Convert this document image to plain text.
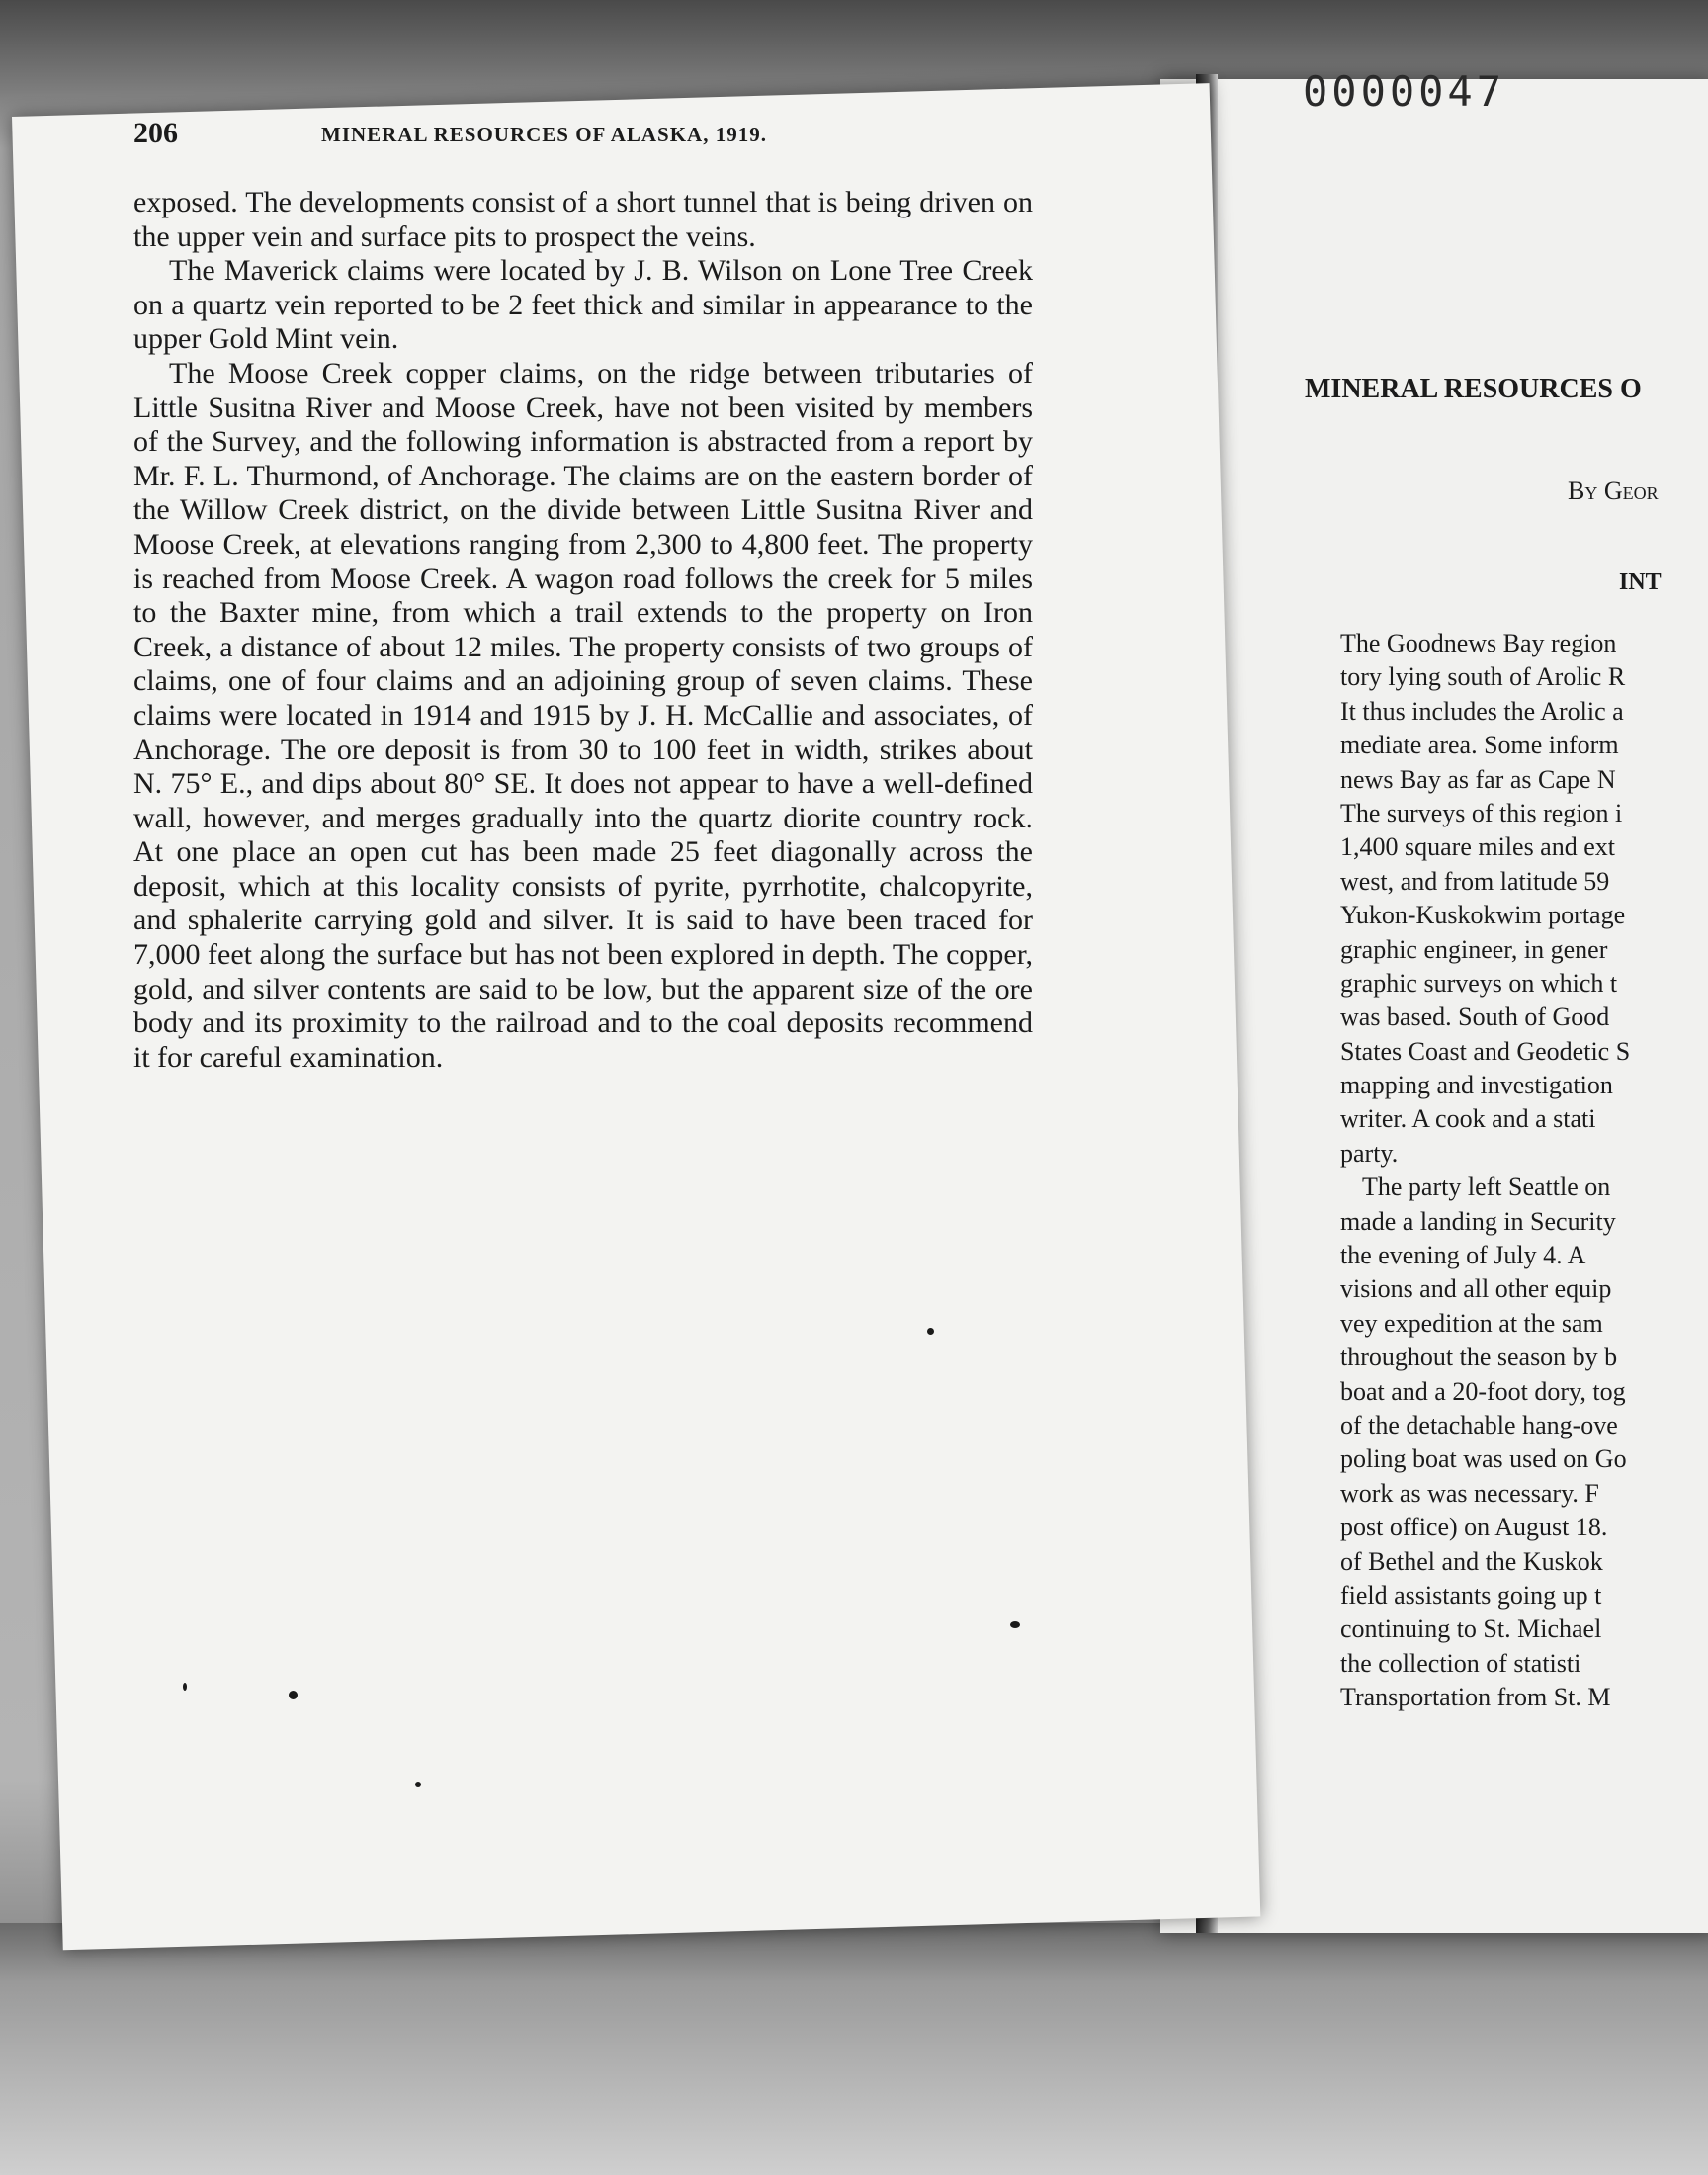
0000047
206	MINERAL RESOURCES OF ALASKA, 1919.

exposed. The developments consist of a short tunnel that is being driven on the upper vein and surface pits to prospect the veins.

The Maverick claims were located by J. B. Wilson on Lone Tree Creek on a quartz vein reported to be 2 feet thick and similar in appearance to the upper Gold Mint vein.

The Moose Creek copper claims, on the ridge between tributaries of Little Susitna River and Moose Creek, have not been visited by members of the Survey, and the following information is abstracted from a report by Mr. F. L. Thurmond, of Anchorage. The claims are on the eastern border of the Willow Creek district, on the divide between Little Susitna River and Moose Creek, at elevations ranging from 2,300 to 4,800 feet. The property is reached from Moose Creek. A wagon road follows the creek for 5 miles to the Baxter mine, from which a trail extends to the property on Iron Creek, a distance of about 12 miles. The property consists of two groups of claims, one of four claims and an adjoining group of seven claims. These claims were located in 1914 and 1915 by J. H. McCallie and associates, of Anchorage. The ore deposit is from 30 to 100 feet in width, strikes about N. 75° E., and dips about 80° SE. It does not appear to have a well-defined wall, however, and merges gradually into the quartz diorite country rock. At one place an open cut has been made 25 feet diagonally across the deposit, which at this locality consists of pyrite, pyrrhotite, chalcopyrite, and sphalerite carrying gold and silver. It is said to have been traced for 7,000 feet along the surface but has not been explored in depth. The copper, gold, and silver contents are said to be low, but the apparent size of the ore body and its proximity to the railroad and to the coal deposits recommend it for careful examination.

MINERAL RESOURCES O
By Geor
INT
The Goodnews Bay region
tory lying south of Arolic R
It thus includes the Arolic a
mediate area. Some inform
news Bay as far as Cape N
The surveys of this region i
1,400 square miles and ext
west, and from latitude 59
Yukon-Kuskokwim portage
graphic engineer, in gener
graphic surveys on which t
was based. South of Good
States Coast and Geodetic S
mapping and investigation
writer. A cook and a stati
party.
The party left Seattle on
made a landing in Security
the evening of July 4. A
visions and all other equip
vey expedition at the sam
throughout the season by b
boat and a 20-foot dory, tog
of the detachable hang-ove
poling boat was used on Go
work as was necessary. F
post office) on August 18.
of Bethel and the Kuskok
field assistants going up t
continuing to St. Michael
the collection of statisti
Transportation from St. M
